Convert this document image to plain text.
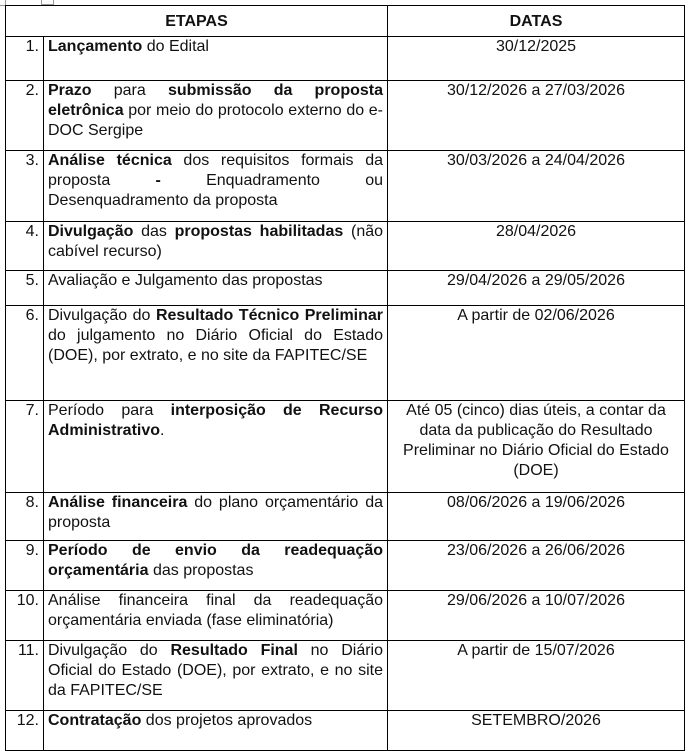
ETAPAS		DATAS
1.	Lançamento do Edital	30/12/2025
2.	Prazo para submissão da proposta eletrônica por meio do protocolo externo do e-DOC Sergipe	30/12/2026 a 27/03/2026
3.	Análise técnica dos requisitos formais da proposta - Enquadramento ou Desenquadramento da proposta	30/03/2026 a 24/04/2026
4.	Divulgação das propostas habilitadas (não cabível recurso)	28/04/2026
5.	Avaliação e Julgamento das propostas	29/04/2026 a 29/05/2026
6.	Divulgação do Resultado Técnico Preliminar do julgamento no Diário Oficial do Estado (DOE), por extrato, e no site da FAPITEC/SE	A partir de 02/06/2026
7.	Período para interposição de Recurso Administrativo.	Até 05 (cinco) dias úteis, a contar da data da publicação do Resultado Preliminar no Diário Oficial do Estado (DOE)
8.	Análise financeira do plano orçamentário da proposta	08/06/2026 a 19/06/2026
9.	Período de envio da readequação orçamentária das propostas	23/06/2026 a 26/06/2026
10.	Análise financeira final da readequação orçamentária enviada (fase eliminatória)	29/06/2026 a 10/07/2026
11.	Divulgação do Resultado Final no Diário Oficial do Estado (DOE), por extrato, e no site da FAPITEC/SE	A partir de 15/07/2026
12.	Contratação dos projetos aprovados	SETEMBRO/2026
